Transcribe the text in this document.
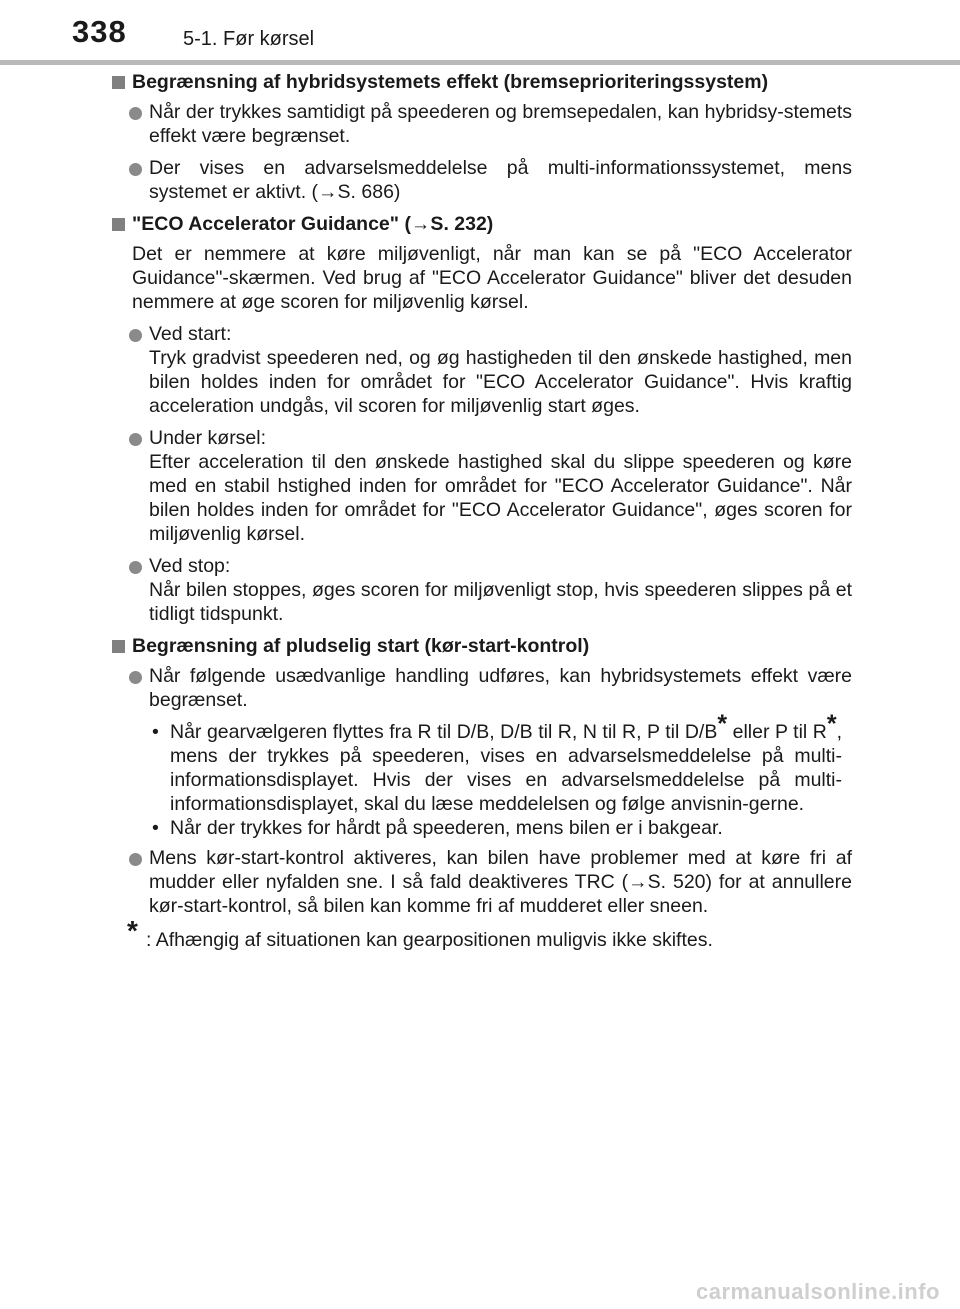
338	5-1. Før kørsel
Begrænsning af hybridsystemets effekt (bremseprioriteringssystem)
Når der trykkes samtidigt på speederen og bremsepedalen, kan hybridsy-stemets effekt være begrænset.
Der vises en advarselsmeddelelse på multi-informationssystemet, mens systemet er aktivt. (→S. 686)
"ECO Accelerator Guidance" (→S. 232)
Det er nemmere at køre miljøvenligt, når man kan se på "ECO Accelerator Guidance"-skærmen. Ved brug af "ECO Accelerator Guidance" bliver det desuden nemmere at øge scoren for miljøvenlig kørsel.
Ved start:
Tryk gradvist speederen ned, og øg hastigheden til den ønskede hastighed, men bilen holdes inden for området for "ECO Accelerator Guidance". Hvis kraftig acceleration undgås, vil scoren for miljøvenlig start øges.
Under kørsel:
Efter acceleration til den ønskede hastighed skal du slippe speederen og køre med en stabil hstighed inden for området for "ECO Accelerator Guidance". Når bilen holdes inden for området for "ECO Accelerator Guidance", øges scoren for miljøvenlig kørsel.
Ved stop:
Når bilen stoppes, øges scoren for miljøvenligt stop, hvis speederen slippes på et tidligt tidspunkt.
Begrænsning af pludselig start (kør-start-kontrol)
Når følgende usædvanlige handling udføres, kan hybridsystemets effekt være begrænset.
• Når gearvælgeren flyttes fra R til D/B, D/B til R, N til R, P til D/B* eller P til R*, mens der trykkes på speederen, vises en advarselsmeddelelse på multi-informationsdisplayet. Hvis der vises en advarselsmeddelelse på multi-informationsdisplayet, skal du læse meddelelsen og følge anvisnin-gerne.
• Når der trykkes for hårdt på speederen, mens bilen er i bakgear.
Mens kør-start-kontrol aktiveres, kan bilen have problemer med at køre fri af mudder eller nyfalden sne. I så fald deaktiveres TRC (→S. 520) for at annullere kør-start-kontrol, så bilen kan komme fri af mudderet eller sneen.
* : Afhængig af situationen kan gearpositionen muligvis ikke skiftes.
carmanualsonline.info
